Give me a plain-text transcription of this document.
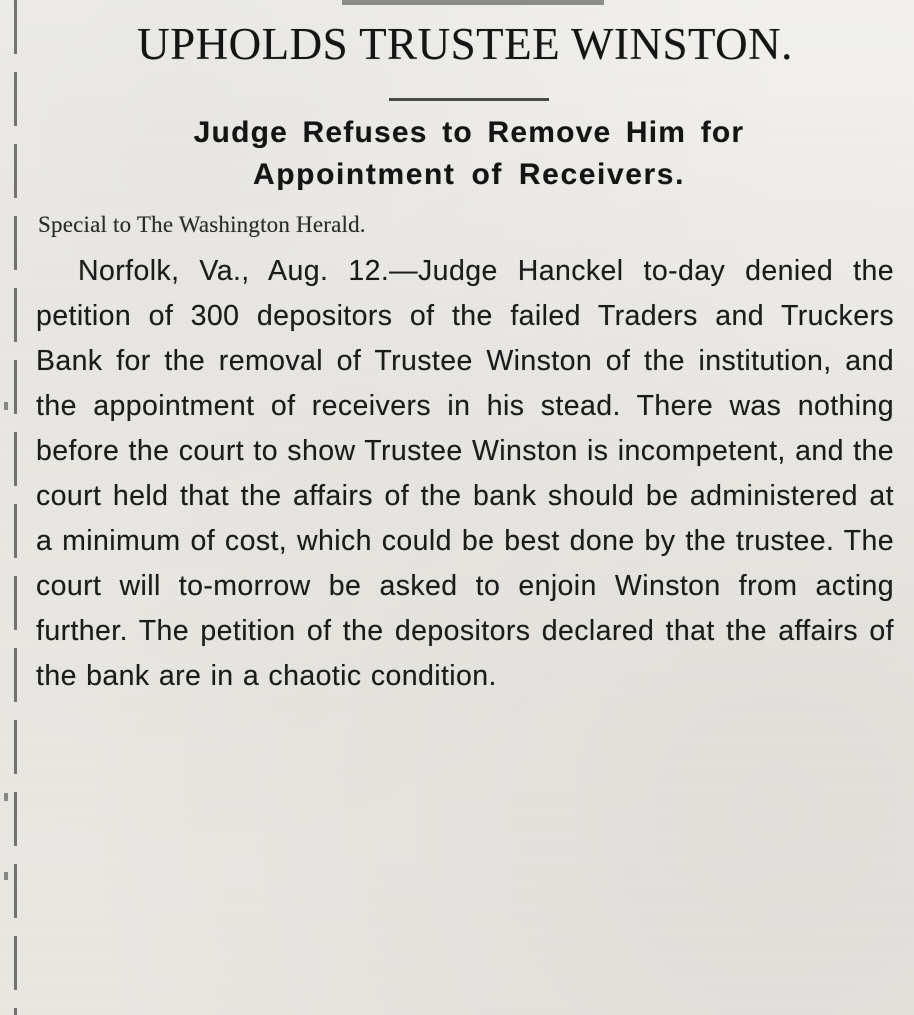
UPHOLDS TRUSTEE WINSTON.
Judge Refuses to Remove Him for
Appointment of Receivers.

Special to The Washington Herald.

Norfolk, Va., Aug. 12.—Judge Hanckel to-day denied the petition of 300 depositors of the failed Traders and Truckers Bank for the removal of Trustee Winston of the institution, and the appointment of receivers in his stead. There was nothing before the court to show Trustee Winston is incompetent, and the court held that the affairs of the bank should be administered at a minimum of cost, which could be best done by the trustee. The court will to-morrow be asked to enjoin Winston from acting further. The petition of the depositors declared that the affairs of the bank are in a chaotic condition.
